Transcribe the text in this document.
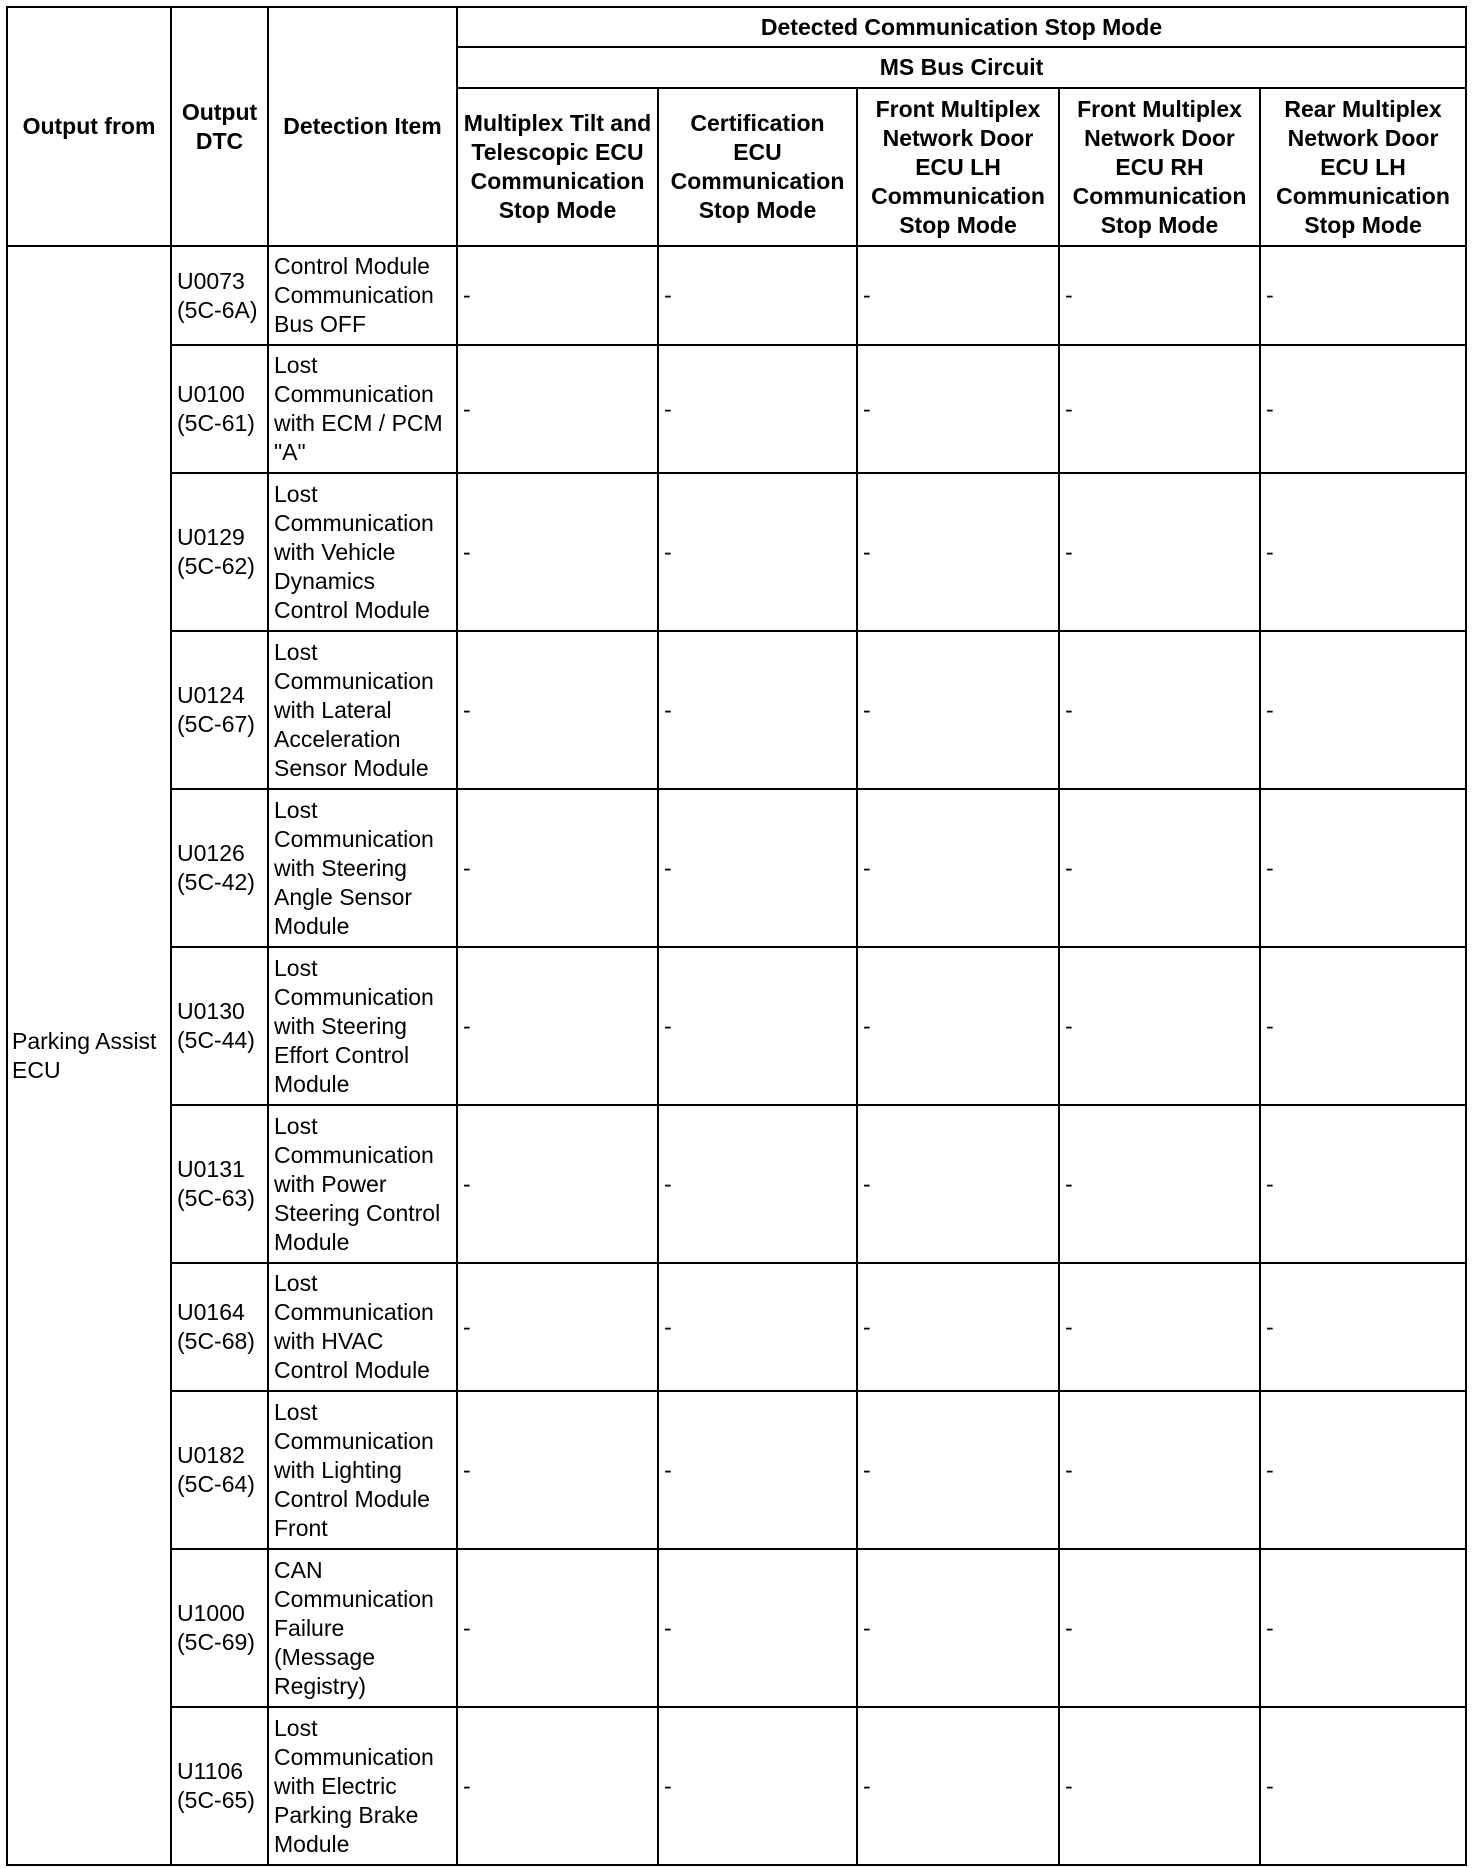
Output from	Output DTC	Detection Item	Detected Communication Stop Mode				
			MS Bus Circuit				
			Multiplex Tilt and Telescopic ECU Communication Stop Mode	Certification ECU Communication Stop Mode	Front Multiplex Network Door ECU LH Communication Stop Mode	Front Multiplex Network Door ECU RH Communication Stop Mode	Rear Multiplex Network Door ECU LH Communication Stop Mode
Parking Assist ECU	U0073 (5C-6A)	Control Module Communication Bus OFF	-	-	-	-	-
	U0100 (5C-61)	Lost Communication with ECM / PCM "A"	-	-	-	-	-
	U0129 (5C-62)	Lost Communication with Vehicle Dynamics Control Module	-	-	-	-	-
	U0124 (5C-67)	Lost Communication with Lateral Acceleration Sensor Module	-	-	-	-	-
	U0126 (5C-42)	Lost Communication with Steering Angle Sensor Module	-	-	-	-	-
	U0130 (5C-44)	Lost Communication with Steering Effort Control Module	-	-	-	-	-
	U0131 (5C-63)	Lost Communication with Power Steering Control Module	-	-	-	-	-
	U0164 (5C-68)	Lost Communication with HVAC Control Module	-	-	-	-	-
	U0182 (5C-64)	Lost Communication with Lighting Control Module Front	-	-	-	-	-
	U1000 (5C-69)	CAN Communication Failure (Message Registry)	-	-	-	-	-
	U1106 (5C-65)	Lost Communication with Electric Parking Brake Module	-	-	-	-	-
